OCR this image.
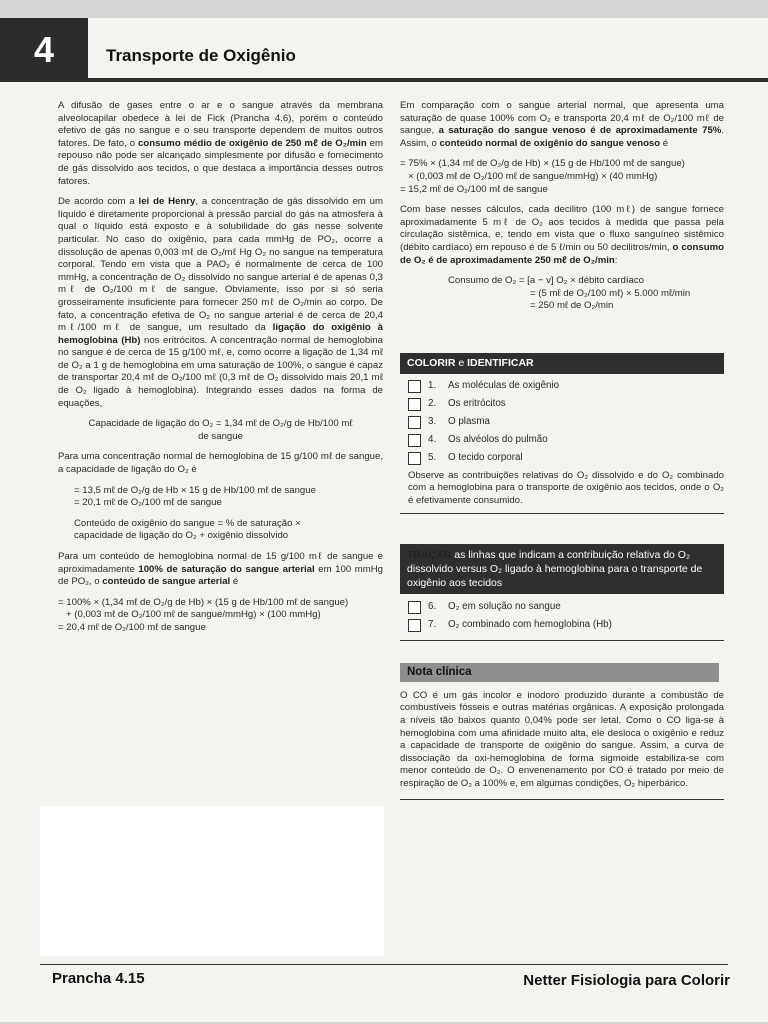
4	Transporte de Oxigênio

A difusão de gases entre o ar e o sangue através da membrana alveolocapilar obedece à lei de Fick (Prancha 4.6), porém o conteúdo efetivo de gás no sangue e o seu transporte dependem de muitos outros fatores. De fato, o consumo médio de oxigênio de 250 mℓ de O₂/min em repouso não pode ser alcançado simplesmente por difusão e fornecimento de gás dissolvido aos tecidos, o que destaca a importância desses outros fatores.

De acordo com a lei de Henry, a concentração de gás dissolvido em um líquido é diretamente proporcional à pressão parcial do gás na atmosfera à qual o líquido está exposto e à solubilidade do gás nesse solvente particular. No caso do oxigênio, para cada mmHg de PO₂, ocorre a dissolução de apenas 0,003 mℓ de O₂/mℓ Hg O₂ no sangue na temperatura corporal. Tendo em vista que a PAO₂ é normalmente de cerca de 100 mmHg, a concentração de O₂ dissolvido no sangue arterial é de apenas 0,3 mℓ de O₂/100 mℓ de sangue. Obviamente, isso por si só seria grosseiramente insuficiente para fornecer 250 mℓ de O₂/min ao corpo. De fato, a concentração efetiva de O₂ no sangue arterial é de cerca de 20,4 mℓ/100 mℓ de sangue, um resultado da ligação do oxigênio à hemoglobina (Hb) nos eritrócitos. A concentração normal de hemoglobina no sangue é de cerca de 15 g/100 mℓ, e, como ocorre a ligação de 1,34 mℓ de O₂ a 1 g de hemoglobina em uma saturação de 100%, o sangue é capaz de transportar 20,4 mℓ de O₂/100 mℓ (0,3 mℓ de O₂ dissolvido mais 20,1 mℓ de O₂ ligado à hemoglobina). Integrando esses dados na forma de equações,

Capacidade de ligação do O₂ = 1,34 mℓ de O₂/g de Hb/100 mℓ
de sangue

Para uma concentração normal de hemoglobina de 15 g/100 mℓ de sangue, a capacidade de ligação do O₂ é

= 13,5 mℓ de O₂/g de Hb × 15 g de Hb/100 mℓ de sangue
= 20,1 mℓ de O₂/100 mℓ de sangue
Conteúdo de oxigênio do sangue = % de saturação ×
capacidade de ligação do O₂ + oxigênio dissolvido

Para um conteúdo de hemoglobina normal de 15 g/100 mℓ de sangue e aproximadamente 100% de saturação do sangue arterial em 100 mmHg de PO₂, o conteúdo de sangue arterial é

= 100% × (1,34 mℓ de O₂/g de Hb) × (15 g de Hb/100 mℓ de sangue)
+ (0,003 mℓ de O₂/100 mℓ de sangue/mmHg) × (100 mmHg)
= 20,4 mℓ de O₂/100 mℓ de sangue

Em comparação com o sangue arterial normal, que apresenta uma saturação de quase 100% com O₂ e transporta 20,4 mℓ de O₂/100 mℓ de sangue, a saturação do sangue venoso é de aproximadamente 75%. Assim, o conteúdo normal de oxigênio do sangue venoso é

= 75% × (1,34 mℓ de O₂/g de Hb) × (15 g de Hb/100 mℓ de sangue)
× (0,003 mℓ de O₂/100 mℓ de sangue/mmHg) × (40 mmHg)
= 15,2 mℓ de O₂/100 mℓ de sangue

Com base nesses cálculos, cada decilitro (100 mℓ) de sangue fornece aproximadamente 5 mℓ de O₂ aos tecidos à medida que passa pela circulação sistêmica, e, tendo em vista que o fluxo sanguíneo sistêmico (débito cardíaco) em repouso é de 5 ℓ/min ou 50 decilitros/min, o consumo de O₂ é de aproximadamente 250 mℓ de O₂/min:

Consumo de O₂ = [a − v] O₂ × débito cardíaco
= (5 mℓ de O₂/100 mℓ) × 5.000 mℓ/min
= 250 mℓ de O₂/min
COLORIR e IDENTIFICAR
1.	As moléculas de oxigênio
2.	Os eritrócitos
3.	O plasma
4.	Os alvéolos do pulmão
5.	O tecido corporal

Observe as contribuições relativas do O₂ dissolvido e do O₂ combinado com a hemoglobina para o transporte de oxigênio aos tecidos, onde o O₂ é efetivamente consumido.

TRAÇAR as linhas que indicam a contribuição relativa do O₂ dissolvido versus O₂ ligado à hemoglobina para o transporte de oxigênio aos tecidos
6.	O₂ em solução no sangue
7.	O₂ combinado com hemoglobina (Hb)
Nota clínica

O CO é um gás incolor e inodoro produzido durante a combustão de combustíveis fósseis e outras matérias orgânicas. A exposição prolongada a níveis tão baixos quanto 0,04% pode ser letal. Como o CO liga-se à hemoglobina com uma afinidade muito alta, ele desloca o oxigênio e reduz a capacidade de transporte de oxigênio do sangue. Assim, a curva de dissociação da oxi-hemoglobina de forma sigmoide estabiliza-se com menor conteúdo de O₂. O envenenamento por CO é tratado por meio de respiração de O₂ a 100% e, em algumas condições, O₂ hiperbárico.

Prancha 4.15	Netter Fisiologia para Colorir
